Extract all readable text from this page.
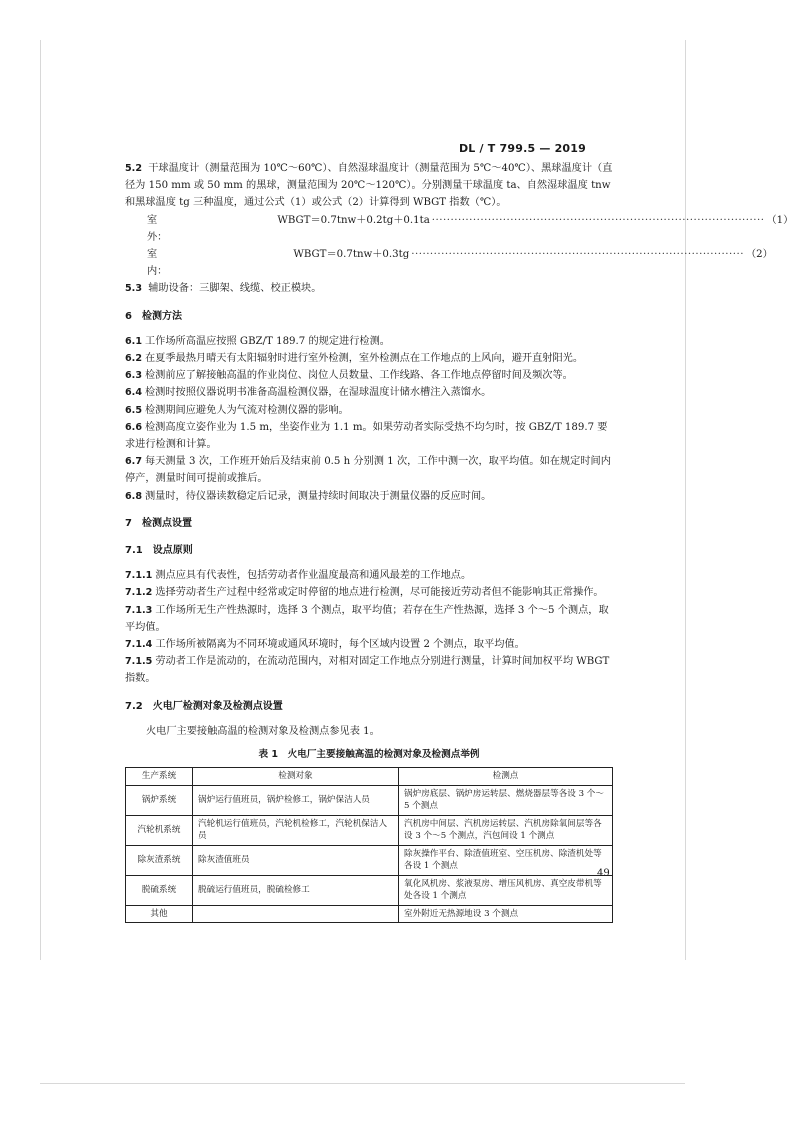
DL / T 799.5 — 2019

5.2 干球温度计（测量范围为 10℃～60℃）、自然湿球温度计（测量范围为 5℃～40℃）、黑球温度计（直径为 150 mm 或 50 mm 的黑球，测量范围为 20℃～120℃）。分别测量干球温度 ta、自然湿球温度 tnw 和黑球温度 tg 三种温度，通过公式（1）或公式（2）计算得到 WBGT 指数（℃）。

室外：
WBGT＝0.7tnw＋0.2tg＋0.1ta ························································································· （1）
室内：
WBGT＝0.7tnw＋0.3tg ························································································· （2）

5.3 辅助设备：三脚架、线缆、校正模块。

6 检测方法

6.1 工作场所高温应按照 GBZ/T 189.7 的规定进行检测。

6.2 在夏季最热月晴天有太阳辐射时进行室外检测，室外检测点在工作地点的上风向，避开直射阳光。

6.3 检测前应了解接触高温的作业岗位、岗位人员数量、工作线路、各工作地点停留时间及频次等。

6.4 检测时按照仪器说明书准备高温检测仪器，在湿球温度计储水槽注入蒸馏水。

6.5 检测期间应避免人为气流对检测仪器的影响。

6.6 检测高度立姿作业为 1.5 m，坐姿作业为 1.1 m。如果劳动者实际受热不均匀时，按 GBZ/T 189.7 要求进行检测和计算。

6.7 每天测量 3 次，工作班开始后及结束前 0.5 h 分别测 1 次，工作中测一次，取平均值。如在规定时间内停产，测量时间可提前或推后。

6.8 测量时，待仪器读数稳定后记录，测量持续时间取决于测量仪器的反应时间。

7 检测点设置
7.1 设点原则

7.1.1 测点应具有代表性，包括劳动者作业温度最高和通风最差的工作地点。

7.1.2 选择劳动者生产过程中经常或定时停留的地点进行检测，尽可能接近劳动者但不能影响其正常操作。

7.1.3 工作场所无生产性热源时，选择 3 个测点，取平均值；若存在生产性热源，选择 3 个～5 个测点，取平均值。

7.1.4 工作场所被隔离为不同环境或通风环境时，每个区域内设置 2 个测点，取平均值。

7.1.5 劳动者工作是流动的，在流动范围内，对相对固定工作地点分别进行测量，计算时间加权平均 WBGT 指数。

7.2 火电厂检测对象及检测点设置

火电厂主要接触高温的检测对象及检测点参见表 1。

表 1　火电厂主要接触高温的检测对象及检测点举例
生产系统	检测对象	检测点
锅炉系统	锅炉运行值班员，锅炉检修工，锅炉保洁人员	锅炉房底层、锅炉房运转层、燃烧器层等各设 3 个～5 个测点
汽轮机系统	汽轮机运行值班员，汽轮机检修工，汽轮机保洁人员	汽机房中间层、汽机房运转层、汽机房除氧间层等各设 3 个～5 个测点，汽包间设 1 个测点
除灰渣系统	除灰渣值班员	除灰操作平台、除渣值班室、空压机房、除渣机处等各设 1 个测点
脱硫系统	脱硫运行值班员，脱硫检修工	氧化风机房、浆液泵房、增压风机房、真空皮带机等处各设 1 个测点
其他		室外附近无热源地设 3 个测点
49
